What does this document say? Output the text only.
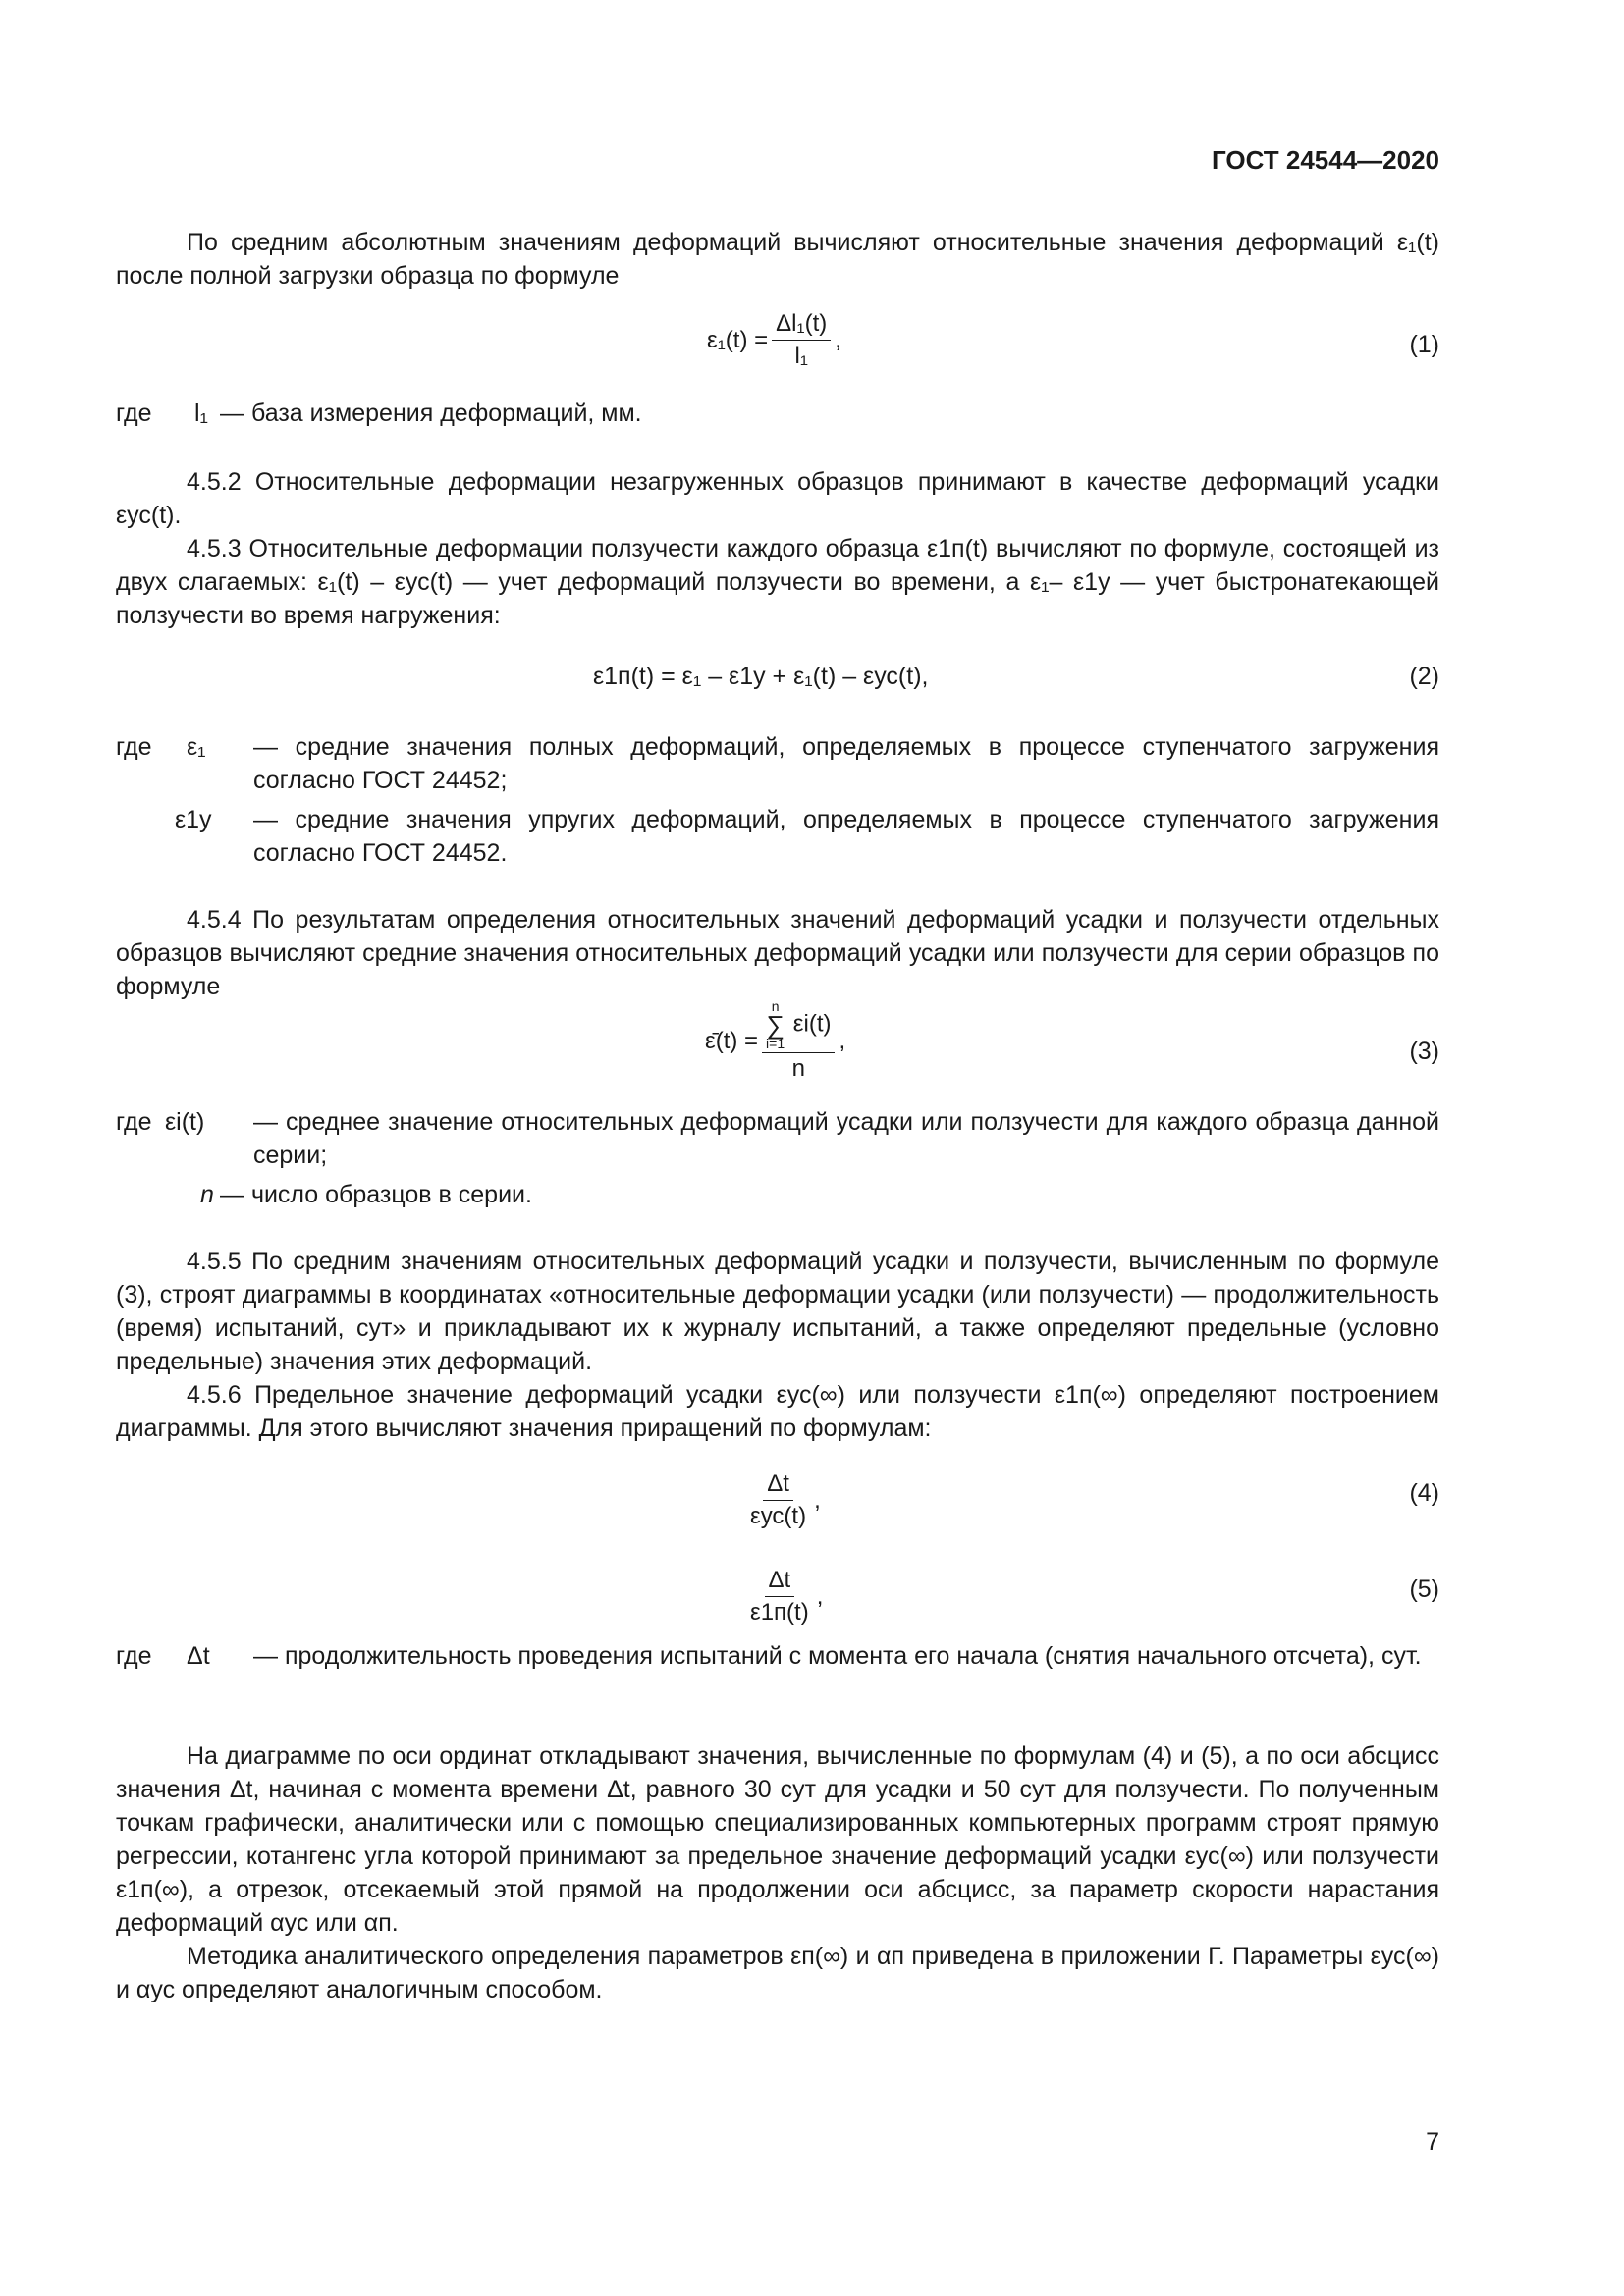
ГОСТ 24544—2020

По средним абсолютным значениям деформаций вычисляют относительные значения деформаций ε₁(t) после полной загрузки образца по формуле

$\varepsilon_1(t) = \frac{\text{Δl₁(t)}}{\text{l₁}}$ ,	(1)
где l₁ — база измерения деформаций, мм.

4.5.2 Относительные деформации незагруженных образцов принимают в качестве деформаций усадки εус(t).

4.5.3 Относительные деформации ползучести каждого образца ε1п(t) вычисляют по формуле, состоящей из двух слагаемых: ε₁(t) – εус(t) — учет деформаций ползучести во времени, а ε₁– ε1y — учет быстронатекающей ползучести во время нагружения:

ε1п(t) = ε₁ – ε1y + ε₁(t) – εус(t),	(2)
где ε₁ — средние значения полных деформаций, определяемых в процессе ступенчатого загружения согласно ГОСТ 24452;
ε1y — средние значения упругих деформаций, определяемых в процессе ступенчатого загружения согласно ГОСТ 24452.

4.5.4 По результатам определения относительных значений деформаций усадки и ползучести отдельных образцов вычисляют средние значения относительных деформаций усадки или ползучести для серии образцов по формуле

ε̄(t) = n
∑
i=1
εi(t)
n ,	(3)
где εi(t) — среднее значение относительных деформаций усадки или ползучести для каждого образца данной серии;
n — число образцов в серии.

4.5.5 По средним значениям относительных деформаций усадки и ползучести, вычисленным по формуле (3), строят диаграммы в координатах «относительные деформации усадки (или ползучести) — продолжительность (время) испытаний, сут» и прикладывают их к журналу испытаний, а также определяют предельные (условно предельные) значения этих деформаций.

4.5.6 Предельное значение деформаций усадки εус(∞) или ползучести ε1п(∞) определяют построением диаграммы. Для этого вычисляют значения приращений по формулам:

$\frac{\Delta t}{\text{εус(t)}}$ ,	(4)
$\frac{\Delta t}{\varepsilon 1п(t)}$ ,	(5)
где Δt — продолжительность проведения испытаний с момента его начала (снятия начального отсчета), сут.

На диаграмме по оси ординат откладывают значения, вычисленные по формулам (4) и (5), а по оси абсцисс значения Δt, начиная с момента времени Δt, равного 30 сут для усадки и 50 сут для ползучести. По полученным точкам графически, аналитически или с помощью специализированных компьютерных программ строят прямую регрессии, котангенс угла которой принимают за предельное значение деформаций усадки εус(∞) или ползучести ε1п(∞), а отрезок, отсекаемый этой прямой на продолжении оси абсцисс, за параметр скорости нарастания деформаций αус или αп.

Методика аналитического определения параметров εп(∞) и αп приведена в приложении Г. Параметры εус(∞) и αус определяют аналогичным способом.

7
